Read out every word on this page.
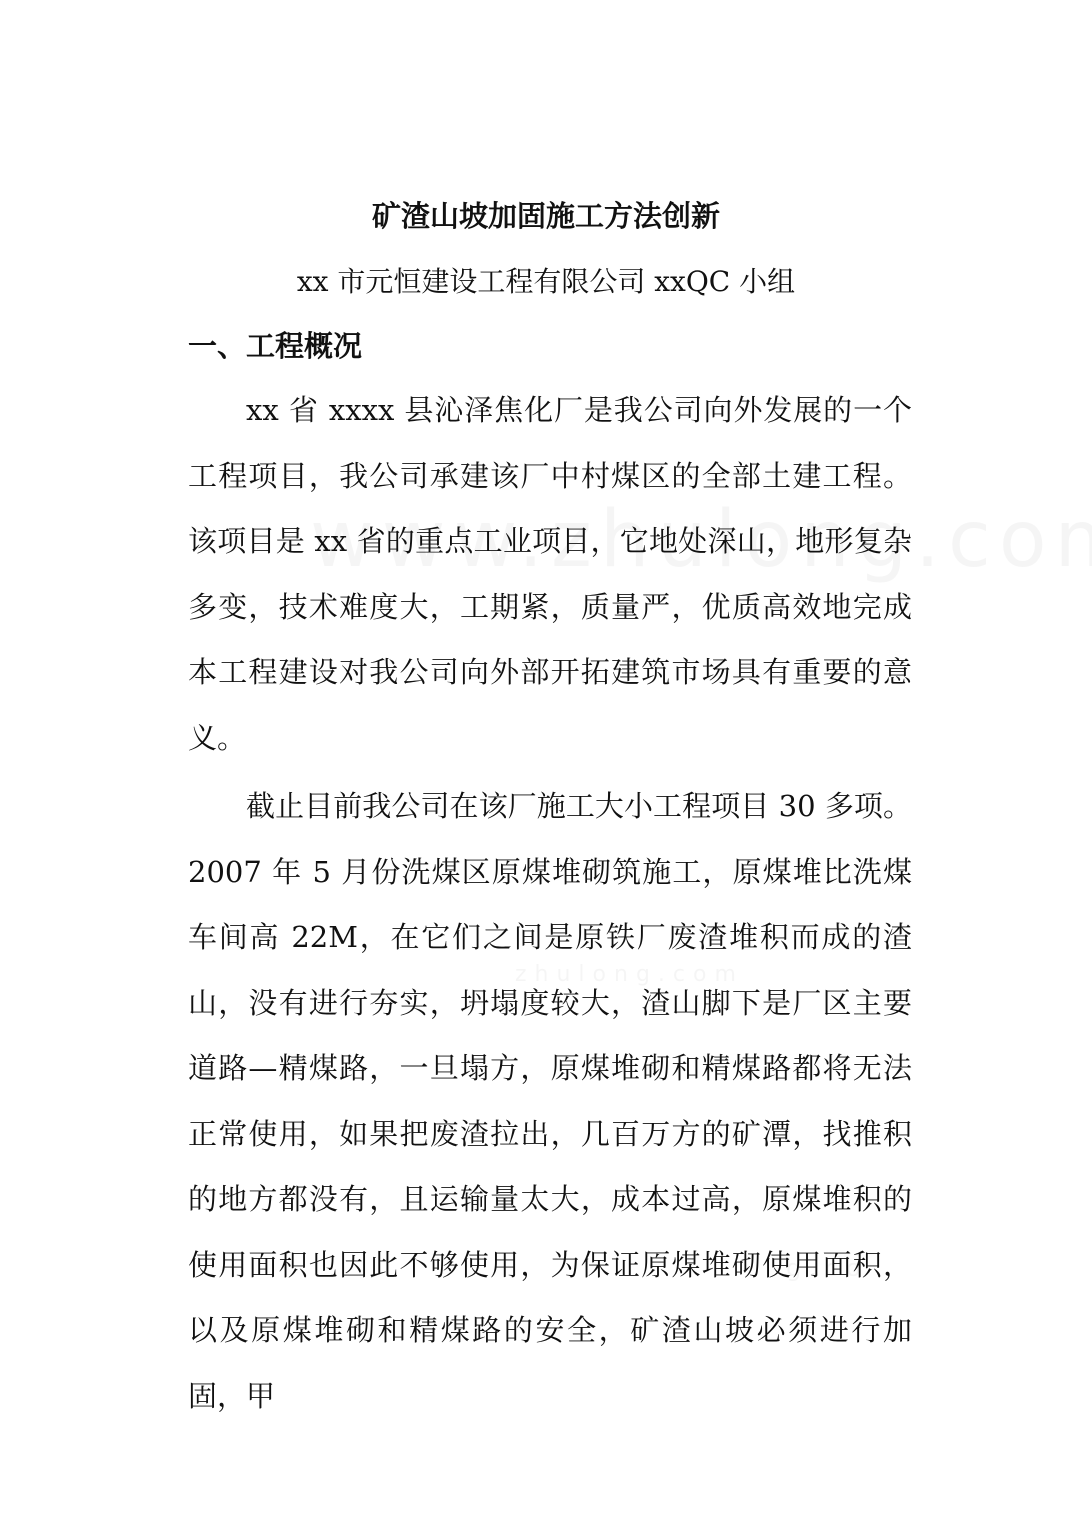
矿渣山坡加固施工方法创新
xx 市元恒建设工程有限公司 xxQC 小组
一、工程概况

xx 省 xxxx 县沁泽焦化厂是我公司向外发展的一个工程项目，我公司承建该厂中村煤区的全部土建工程。该项目是 xx 省的重点工业项目，它地处深山，地形复杂多变，技术难度大，工期紧，质量严，优质高效地完成本工程建设对我公司向外部开拓建筑市场具有重要的意义。

截止目前我公司在该厂施工大小工程项目 30 多项。2007 年 5 月份洗煤区原煤堆砌筑施工，原煤堆比洗煤车间高 22M，在它们之间是原铁厂废渣堆积而成的渣山，没有进行夯实，坍塌度较大，渣山脚下是厂区主要道路—精煤路，一旦塌方，原煤堆砌和精煤路都将无法正常使用，如果把废渣拉出，几百万方的矿潭，找推积的地方都没有，且运输量太大，成本过高，原煤堆积的使用面积也因此不够使用，为保证原煤堆砌使用面积，以及原煤堆砌和精煤路的安全，矿渣山坡必须进行加固，甲
